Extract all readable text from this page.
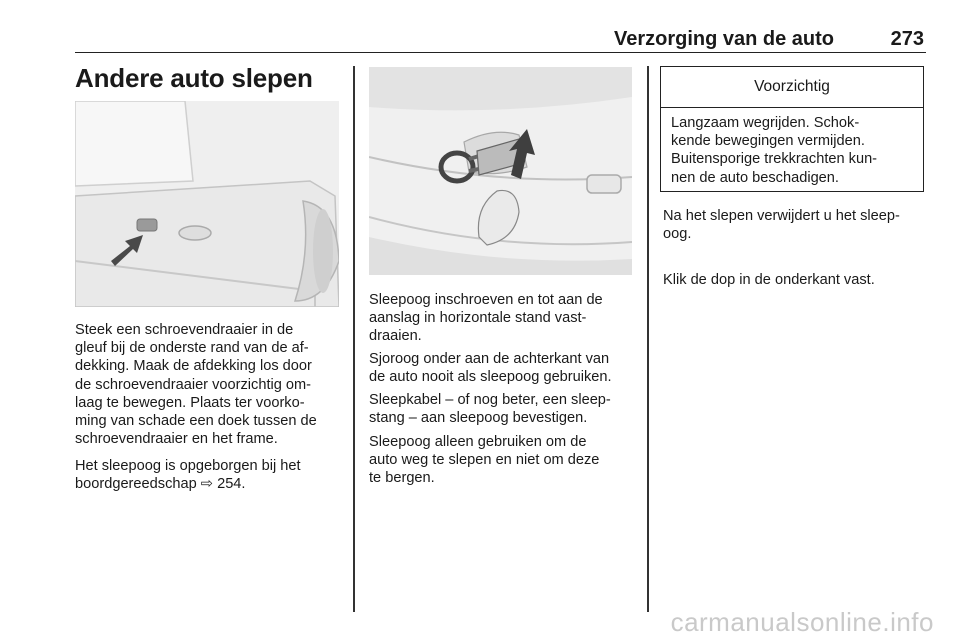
Verzorging van de auto	273
Andere auto slepen

Steek een schroevendraaier in de
gleuf bij de onderste rand van de af-
dekking. Maak de afdekking los door
de schroevendraaier voorzichtig om-
laag te bewegen. Plaats ter voorko-
ming van schade een doek tussen de
schroevendraaier en het frame.

Het sleepoog is opgeborgen bij het
boordgereedschap ⇨ 254.

Sleepoog inschroeven en tot aan de
aanslag in horizontale stand vast-
draaien.

Sjoroog onder aan de achterkant van
de auto nooit als sleepoog gebruiken.

Sleepkabel – of nog beter, een sleep-
stang – aan sleepoog bevestigen.

Sleepoog alleen gebruiken om de
auto weg te slepen en niet om deze
te bergen.

Voorzichtig
Langzaam wegrijden. Schok-
kende bewegingen vermijden.
Buitensporige trekkrachten kun-
nen de auto beschadigen.

Na het slepen verwijdert u het sleep-
oog.

Klik de dop in de onderkant vast.

carmanualsonline.info
